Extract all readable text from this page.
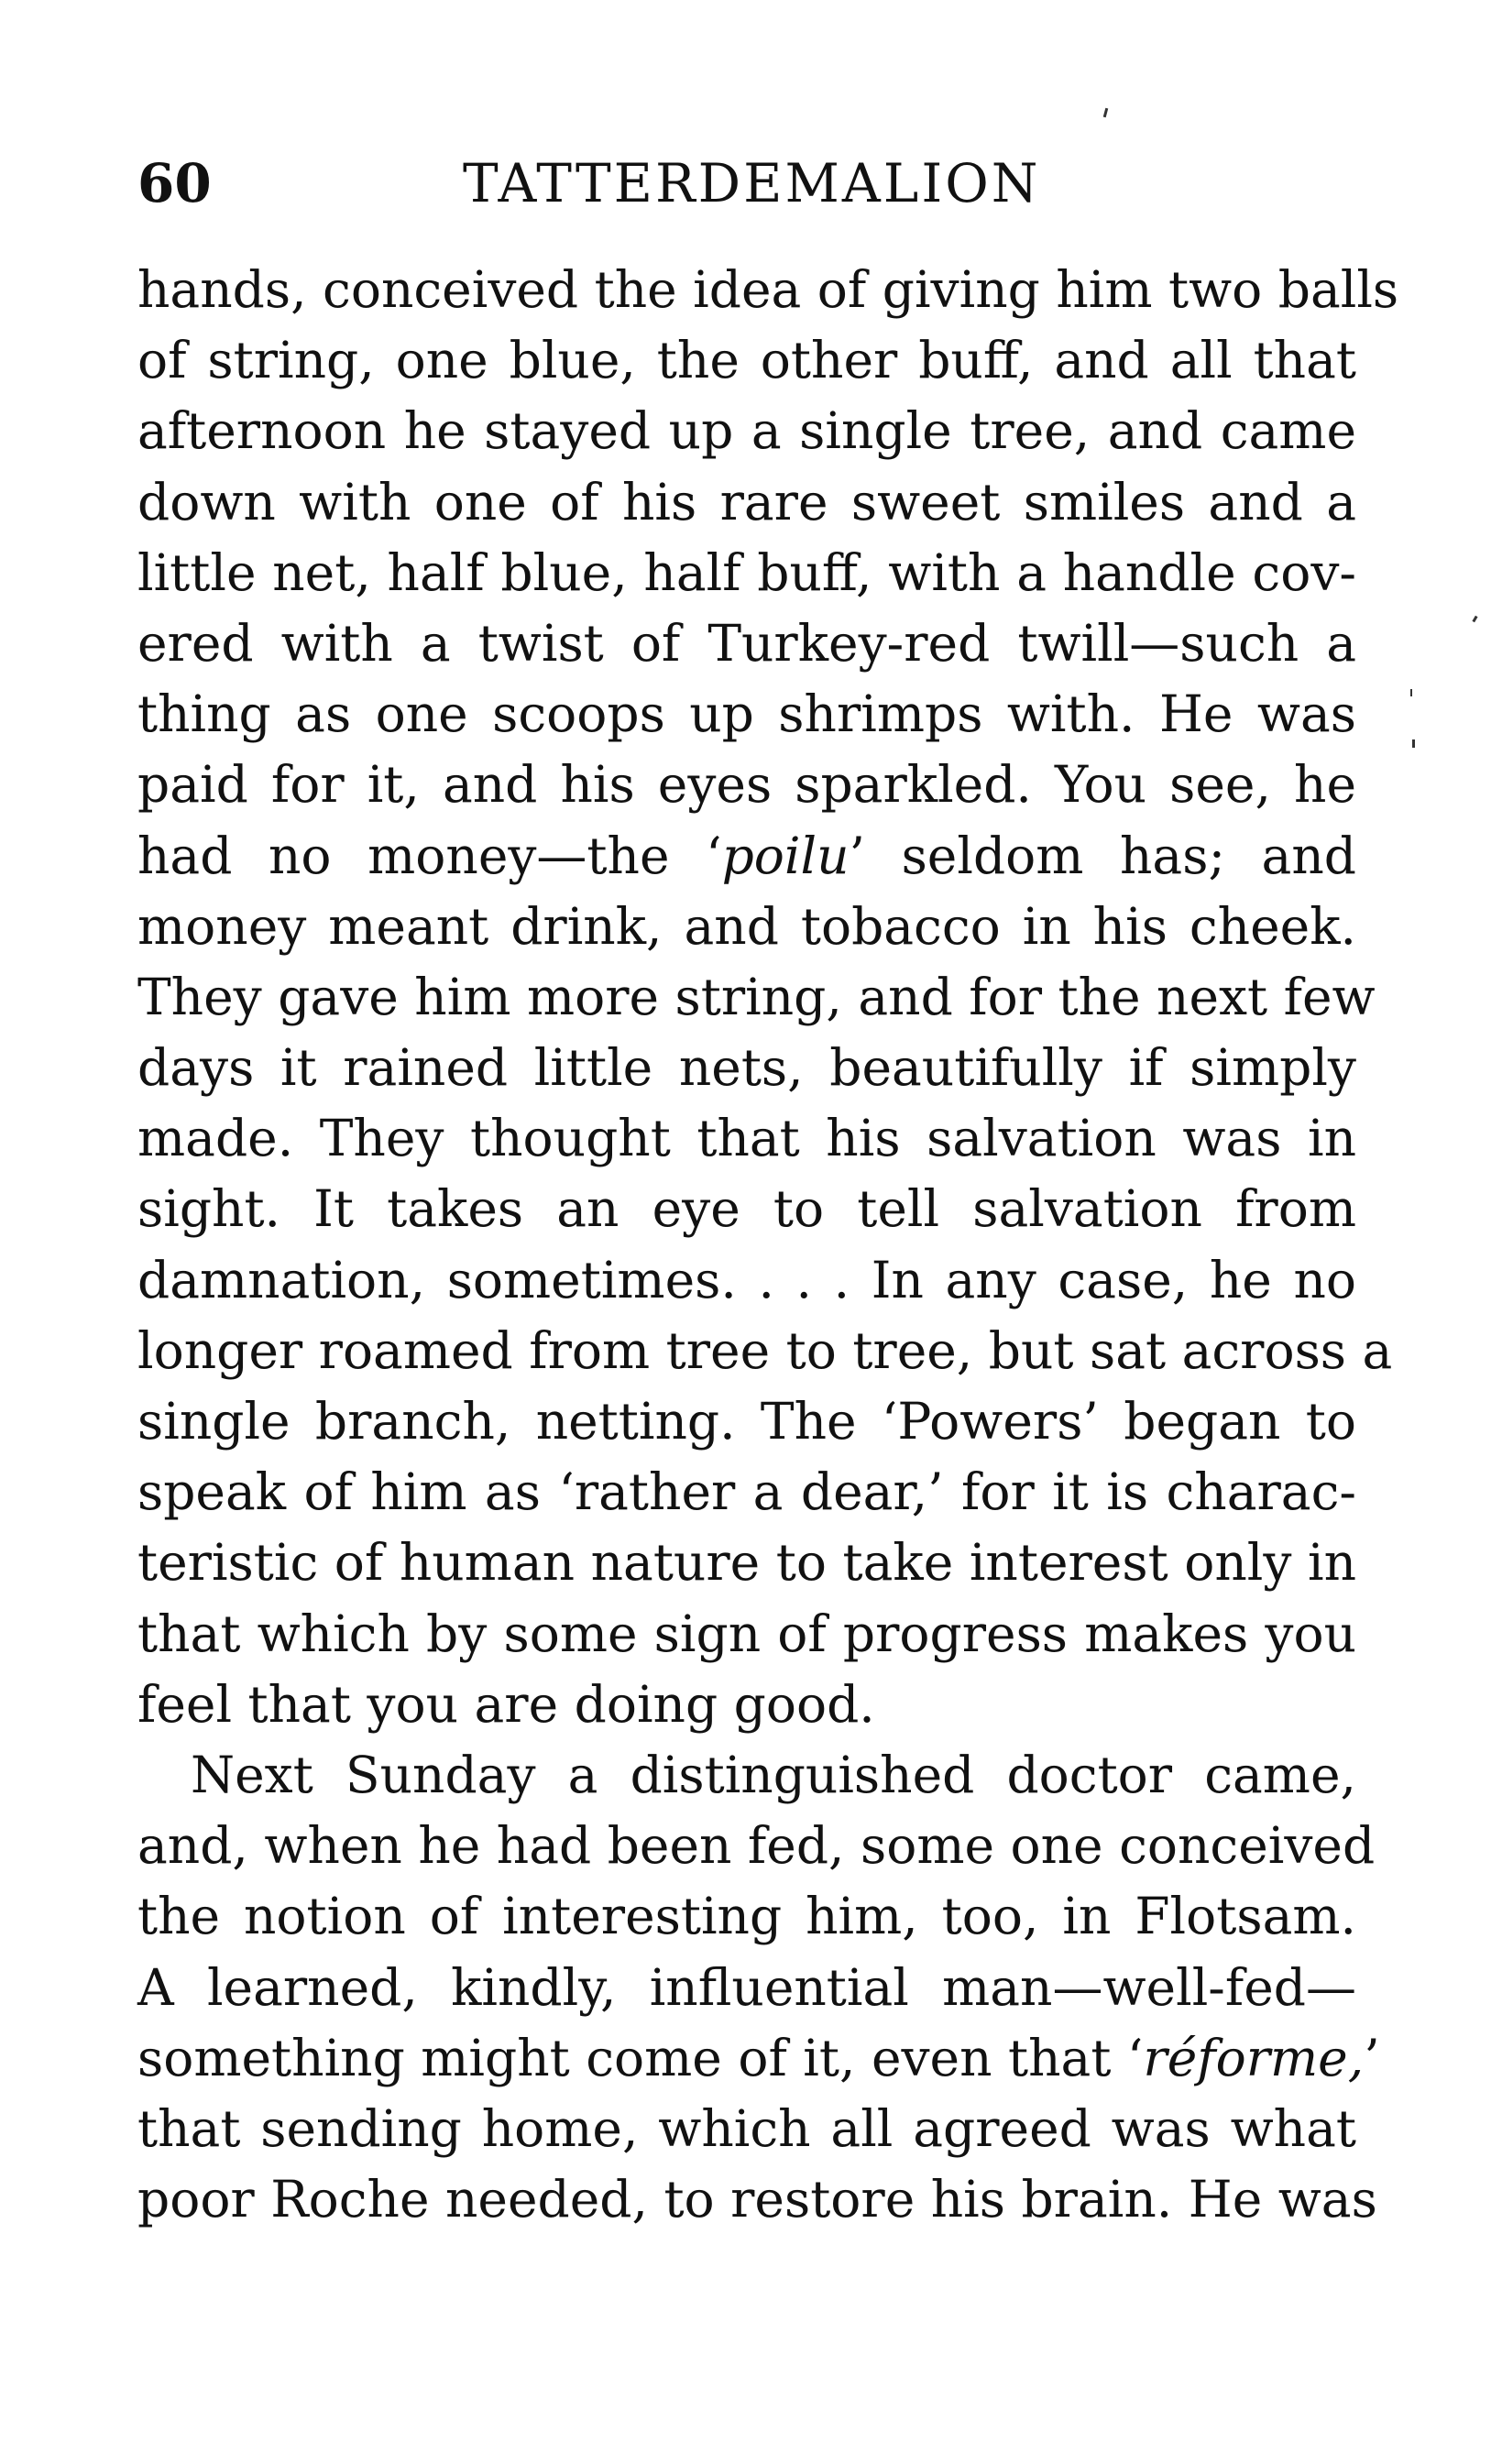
60	TATTERDEMALION
hands, conceived the idea of giving him two balls
of string, one blue, the other buff, and all that
afternoon he stayed up a single tree, and came
down with one of his rare sweet smiles and a
little net, half blue, half buff, with a handle cov-
ered with a twist of Turkey-red twill—such a
thing as one scoops up shrimps with. He was
paid for it, and his eyes sparkled. You see, he
had no money—the ‘poilu’ seldom has; and
money meant drink, and tobacco in his cheek.
They gave him more string, and for the next few
days it rained little nets, beautifully if simply
made. They thought that his salvation was in
sight. It takes an eye to tell salvation from
damnation, sometimes. . . . In any case, he no
longer roamed from tree to tree, but sat across a
single branch, netting. The ‘Powers’ began to
speak of him as ‘rather a dear,’ for it is charac-
teristic of human nature to take interest only in
that which by some sign of progress makes you
feel that you are doing good.
Next Sunday a distinguished doctor came,
and, when he had been fed, some one conceived
the notion of interesting him, too, in Flotsam.
A learned, kindly, influential man—well-fed—
something might come of it, even that ‘réforme,’
that sending home, which all agreed was what
poor Roche needed, to restore his brain. He was
